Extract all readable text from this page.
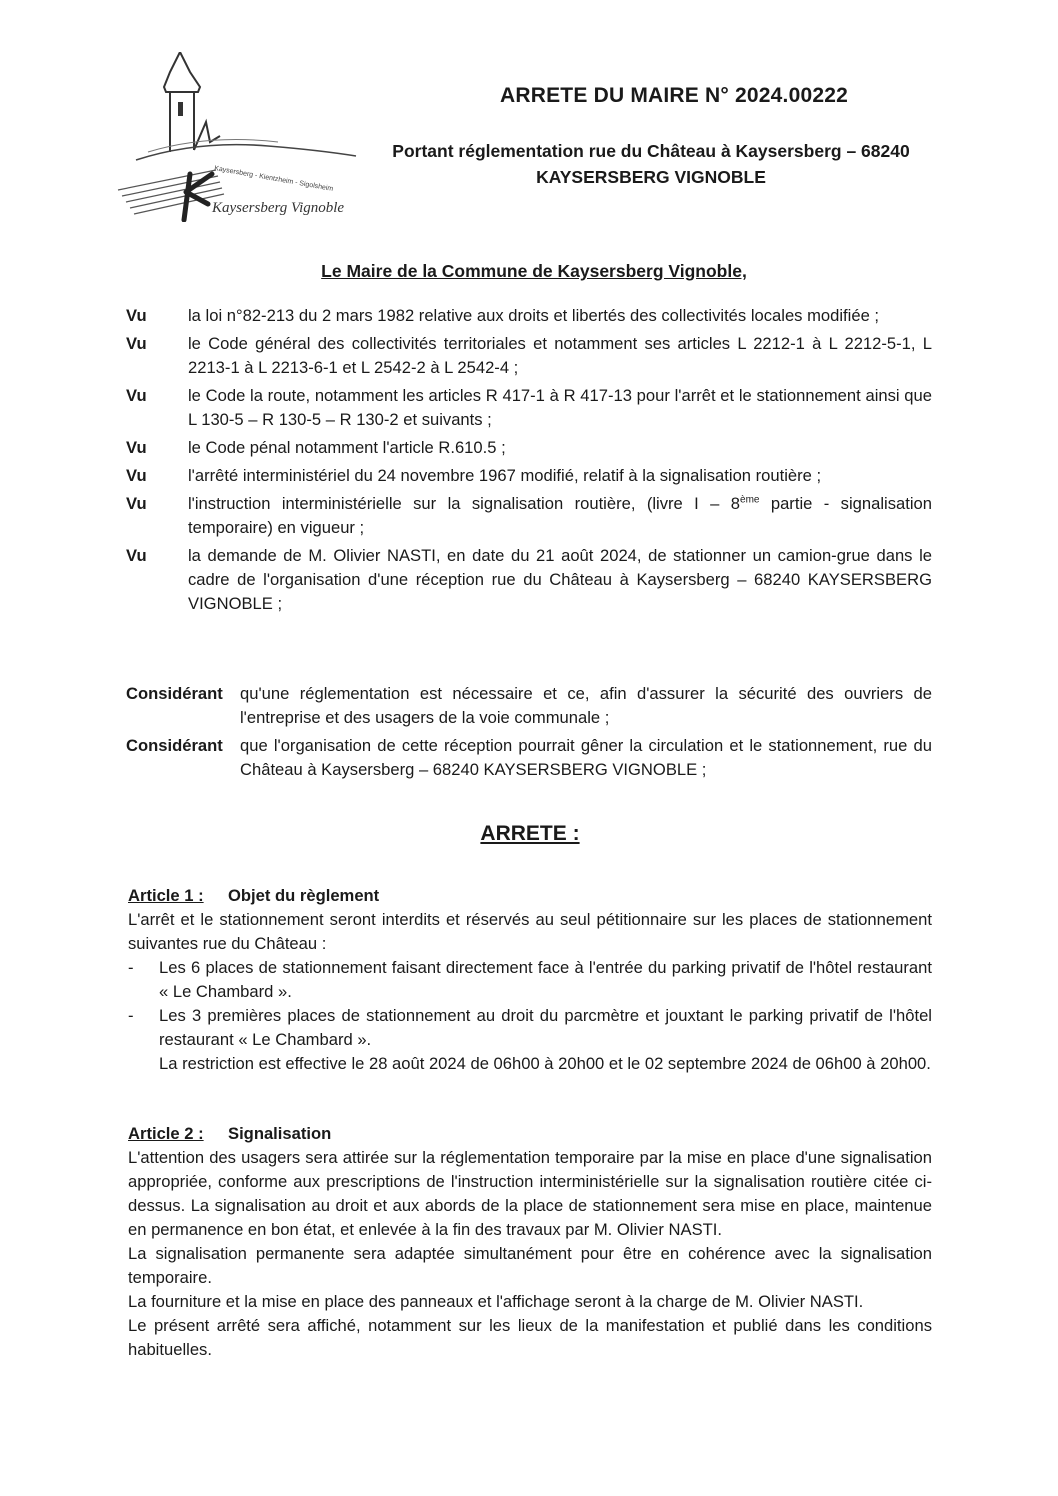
Kaysersberg - Kientzheim - Sigolsheim
Kaysersberg Vignoble
ARRETE DU MAIRE N° 2024.00222
Portant réglementation rue du Château à Kaysersberg – 68240
KAYSERSBERG VIGNOBLE
Le Maire de la Commune de Kaysersberg Vignoble,
Vu	la loi n°82-213 du 2 mars 1982 relative aux droits et libertés des collectivités locales modifiée ;
Vu	le Code général des collectivités territoriales et notamment ses articles L 2212-1 à L 2212-5-1, L 2213-1 à L 2213-6-1 et L 2542-2 à L 2542-4 ;
Vu	le Code la route, notamment les articles R 417-1 à R 417-13 pour l'arrêt et le stationnement ainsi que L 130-5 – R 130-5 – R 130-2 et suivants ;
Vu	le Code pénal notamment l'article R.610.5 ;
Vu	l'arrêté interministériel du 24 novembre 1967 modifié, relatif à la signalisation routière ;
Vu	l'instruction interministérielle sur la signalisation routière, (livre I – 8ème partie - signalisation temporaire) en vigueur ;
Vu	la demande de M. Olivier NASTI, en date du 21 août 2024, de stationner un camion-grue dans le cadre de l'organisation d'une réception rue du Château à Kaysersberg – 68240 KAYSERSBERG VIGNOBLE ;
Considérant	qu'une réglementation est nécessaire et ce, afin d'assurer la sécurité des ouvriers de l'entreprise et des usagers de la voie communale ;
Considérant	que l'organisation de cette réception pourrait gêner la circulation et le stationnement, rue du Château à Kaysersberg – 68240 KAYSERSBERG VIGNOBLE ;
ARRETE :
Article 1 : Objet du règlement
L'arrêt et le stationnement seront interdits et réservés au seul pétitionnaire sur les places de stationnement suivantes rue du Château :
-	Les 6 places de stationnement faisant directement face à l'entrée du parking privatif de l'hôtel restaurant « Le Chambard ».
-	Les 3 premières places de stationnement au droit du parcmètre et jouxtant le parking privatif de l'hôtel restaurant « Le Chambard ».
La restriction est effective le 28 août 2024 de 06h00 à 20h00 et le 02 septembre 2024 de 06h00 à 20h00.
Article 2 : Signalisation
L'attention des usagers sera attirée sur la réglementation temporaire par la mise en place d'une signalisation appropriée, conforme aux prescriptions de l'instruction interministérielle sur la signalisation routière citée ci-dessus. La signalisation au droit et aux abords de la place de stationnement sera mise en place, maintenue en permanence en bon état, et enlevée à la fin des travaux par M. Olivier NASTI.
La signalisation permanente sera adaptée simultanément pour être en cohérence avec la signalisation temporaire.
La fourniture et la mise en place des panneaux et l'affichage seront à la charge de M. Olivier NASTI.
Le présent arrêté sera affiché, notamment sur les lieux de la manifestation et publié dans les conditions habituelles.
